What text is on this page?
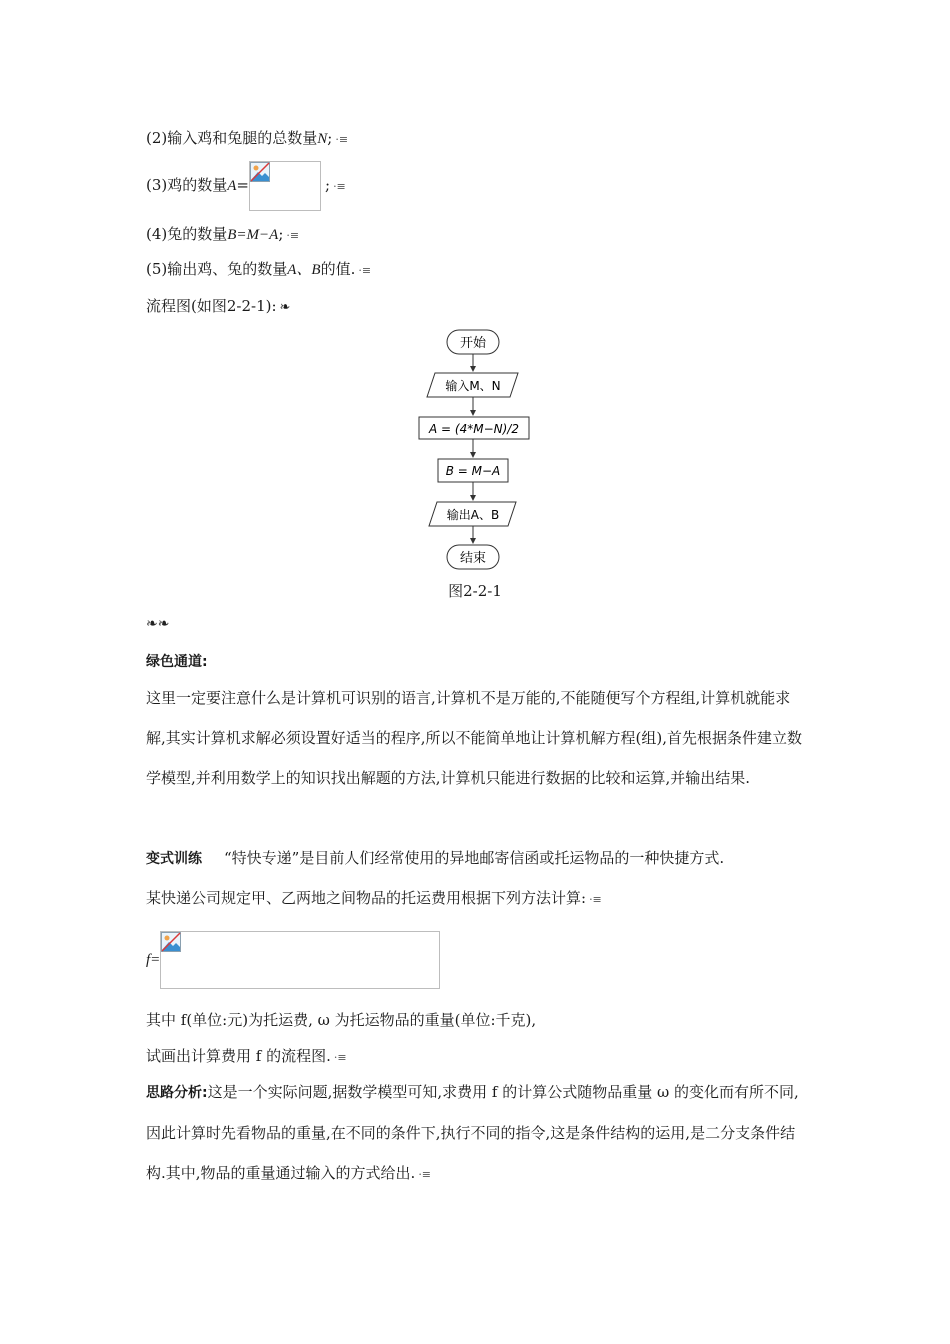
(2)输入鸡和兔腿的总数量N; ·≡
(3)鸡的数量A=	; ·≡
(4)兔的数量B=M−A; ·≡
(5)输出鸡、兔的数量A、B的值. ·≡
流程图(如图2-2-1): ❧
开始
输入M、N
A = (4*M−N)/2
B = M−A
输出A、B
结束
图2-2-1
❧❧
绿色通道:
这里一定要注意什么是计算机可识别的语言,计算机不是万能的,不能随便写个方程组,计算机就能求解,其实计算机求解必须设置好适当的程序,所以不能简单地让计算机解方程(组),首先根据条件建立数学模型,并利用数学上的知识找出解题的方法,计算机只能进行数据的比较和运算,并输出结果.
变式训练 “特快专递”是目前人们经常使用的异地邮寄信函或托运物品的一种快捷方式.
某快递公司规定甲、乙两地之间物品的托运费用根据下列方法计算: ·≡
f=
其中 f(单位:元)为托运费, ω 为托运物品的重量(单位:千克),
试画出计算费用 f 的流程图. ·≡
思路分析:这是一个实际问题,据数学模型可知,求费用 f 的计算公式随物品重量 ω 的变化而有所不同,因此计算时先看物品的重量,在不同的条件下,执行不同的指令,这是条件结构的运用,是二分支条件结构.其中,物品的重量通过输入的方式给出. ·≡
